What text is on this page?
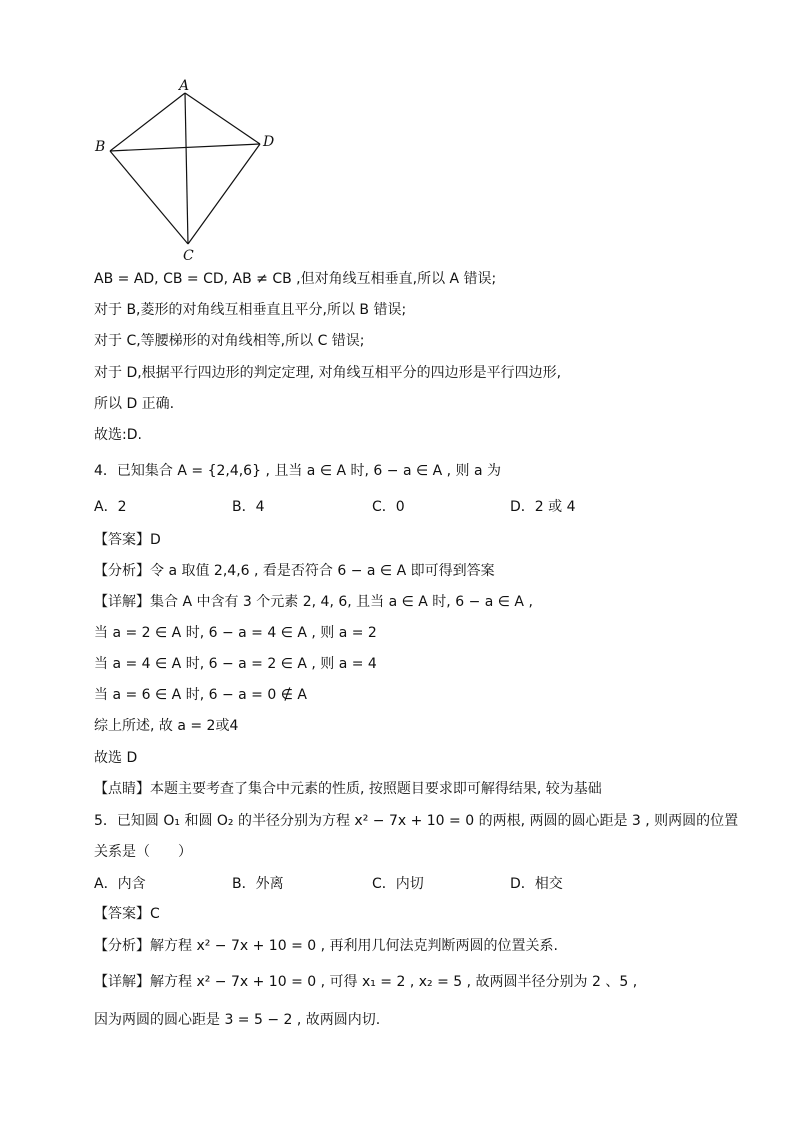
A
B	D
C
AB = AD, CB = CD, AB ≠ CB ,但对角线互相垂直,所以 A 错误;
对于 B,菱形的对角线互相垂直且平分,所以 B 错误;
对于 C,等腰梯形的对角线相等,所以 C 错误;
对于 D,根据平行四边形的判定定理, 对角线互相平分的四边形是平行四边形,
所以 D 正确.
故选:D.
4．已知集合 A = {2,4,6} , 且当 a ∈ A 时, 6 − a ∈ A , 则 a 为
A．2	B．4	C．0	D．2 或 4
【答案】D
【分析】令 a 取值 2,4,6 , 看是否符合 6 − a ∈ A 即可得到答案
【详解】集合 A 中含有 3 个元素 2, 4, 6, 且当 a ∈ A 时, 6 − a ∈ A ,
当 a = 2 ∈ A 时, 6 − a = 4 ∈ A , 则 a = 2
当 a = 4 ∈ A 时, 6 − a = 2 ∈ A , 则 a = 4
当 a = 6 ∈ A 时, 6 − a = 0 ∉ A
综上所述, 故 a = 2或4
故选 D
【点睛】本题主要考查了集合中元素的性质, 按照题目要求即可解得结果, 较为基础
5．已知圆 O₁ 和圆 O₂ 的半径分别为方程 x² − 7x + 10 = 0 的两根, 两圆的圆心距是 3 , 则两圆的位置
关系是（　　）
A．内含	B．外离	C．内切	D．相交
【答案】C
【分析】解方程 x² − 7x + 10 = 0 , 再利用几何法克判断两圆的位置关系.
【详解】解方程 x² − 7x + 10 = 0 , 可得 x₁ = 2 , x₂ = 5 , 故两圆半径分别为 2 、5 ,
因为两圆的圆心距是 3 = 5 − 2 , 故两圆内切.
